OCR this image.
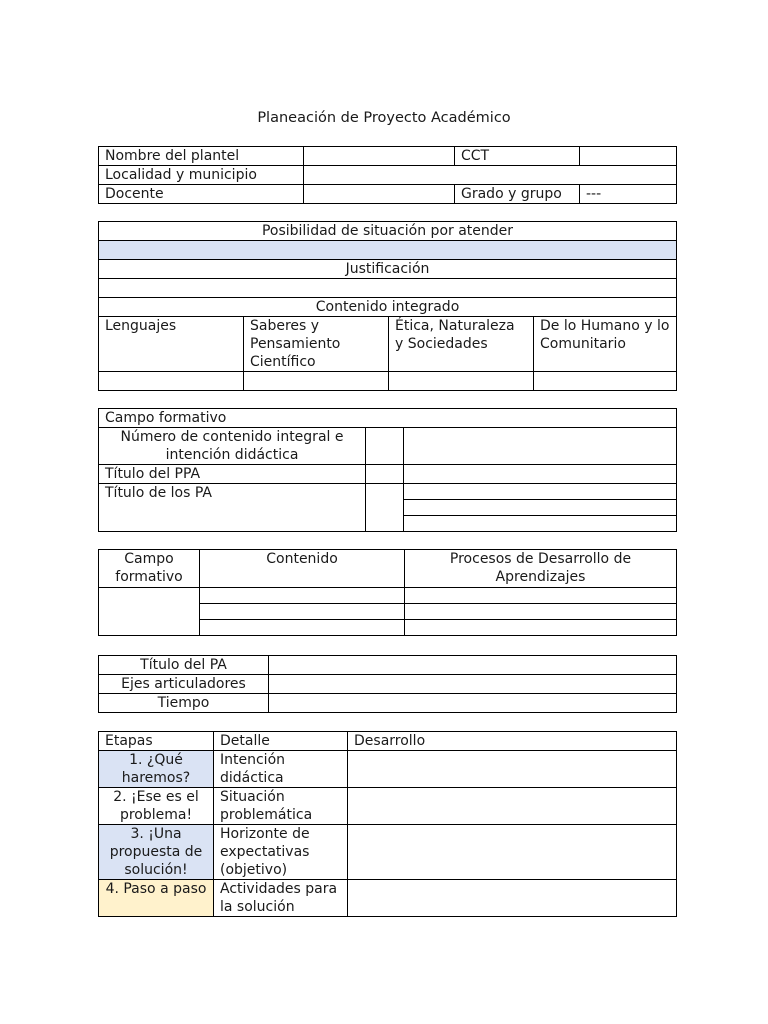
Planeación de Proyecto Académico
Nombre del plantel		CCT	
Localidad y municipio			
Docente		Grado y grupo	---
Posibilidad de situación por atender			

Justificación			

Contenido integrado			
Lenguajes	Saberes y Pensamiento Científico	Ética, Naturaleza y Sociedades	De lo Humano y lo Comunitario

Campo formativo		
Número de contenido integral e intención didáctica		
Título del PPA		
Título de los PA		

Campo formativo	Contenido	Procesos de Desarrollo de Aprendizajes

Título del PA	
Ejes articuladores	
Tiempo	
Etapas	Detalle	Desarrollo
1. ¿Qué haremos?	Intención didáctica	
2. ¡Ese es el problema!	Situación problemática	
3. ¡Una propuesta de solución!	Horizonte de expectativas (objetivo)	
4. Paso a paso	Actividades para la solución	
